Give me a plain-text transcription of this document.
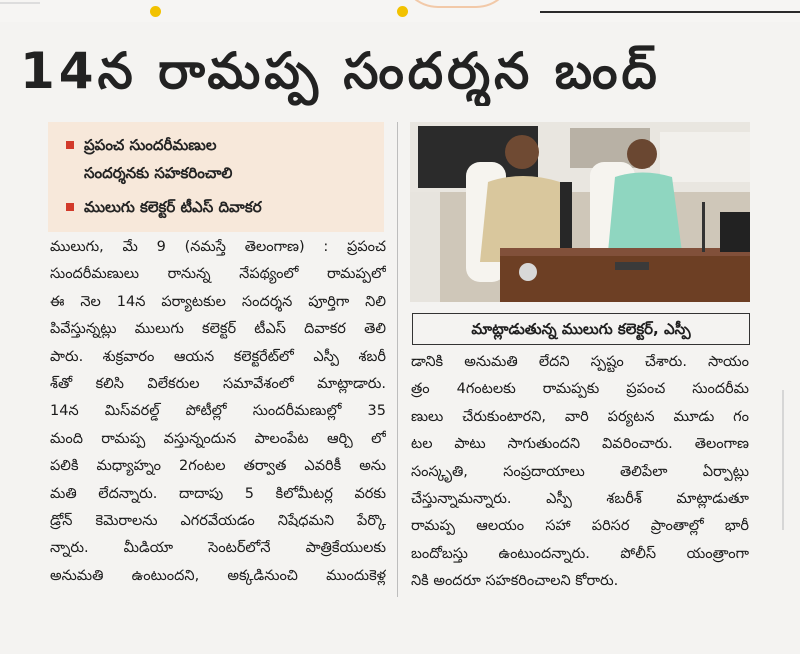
14న రామప్ప సందర్శన బంద్
ప్రపంచ సుందరీమణుల
సందర్శనకు సహకరించాలి
ములుగు కలెక్టర్ టీఎస్ దివాకర
మాట్లాడుతున్న ములుగు కలెక్టర్, ఎస్పీ
ములుగు, మే 9 (నమస్తే తెలంగాణ) : ప్రపంచ
సుందరీమణులు రానున్న నేపథ్యంలో రామప్పలో
ఈ నెల 14న పర్యాటకుల సందర్శన పూర్తిగా నిలి
పివేస్తున్నట్లు ములుగు కలెక్టర్ టీఎస్ దివాకర తెలి
పారు. శుక్రవారం ఆయన కలెక్టరేట్‌లో ఎస్పీ శబరీ
శ్‌తో కలిసి విలేకరుల సమావేశంలో మాట్లాడారు.
14న మిస్‌వరల్డ్ పోటీల్లో సుందరీమణుల్లో 35
మంది రామప్ప వస్తున్నందున పాలంపేట ఆర్చి లో
పలికి మధ్యాహ్నం 2గంటల తర్వాత ఎవరికీ అను
మతి లేదన్నారు. దాదాపు 5 కిలోమీటర్ల వరకు
డ్రోన్ కెమెరాలను ఎగరవేయడం నిషేధమని పేర్కొ
న్నారు. మీడియా సెంటర్‌లోనే పాత్రికేయులకు
అనుమతి ఉంటుందని, అక్కడినుంచి ముందుకెళ్ల
డానికి అనుమతి లేదని స్పష్టం చేశారు. సాయం
త్రం 4గంటలకు రామప్పకు ప్రపంచ సుందరీమ
ణులు చేరుకుంటారని, వారి పర్యటన మూడు గం
టల పాటు సాగుతుందని వివరించారు. తెలంగాణ
సంస్కృతి, సంప్రదాయాలు తెలిపేలా ఏర్పాట్లు
చేస్తున్నామన్నారు. ఎస్పీ శబరీశ్ మాట్లాడుతూ
రామప్ప ఆలయం సహా పరిసర ప్రాంతాల్లో భారీ
బందోబస్తు ఉంటుందన్నారు. పోలీస్ యంత్రాంగా
నికి అందరూ సహకరించాలని కోరారు.
